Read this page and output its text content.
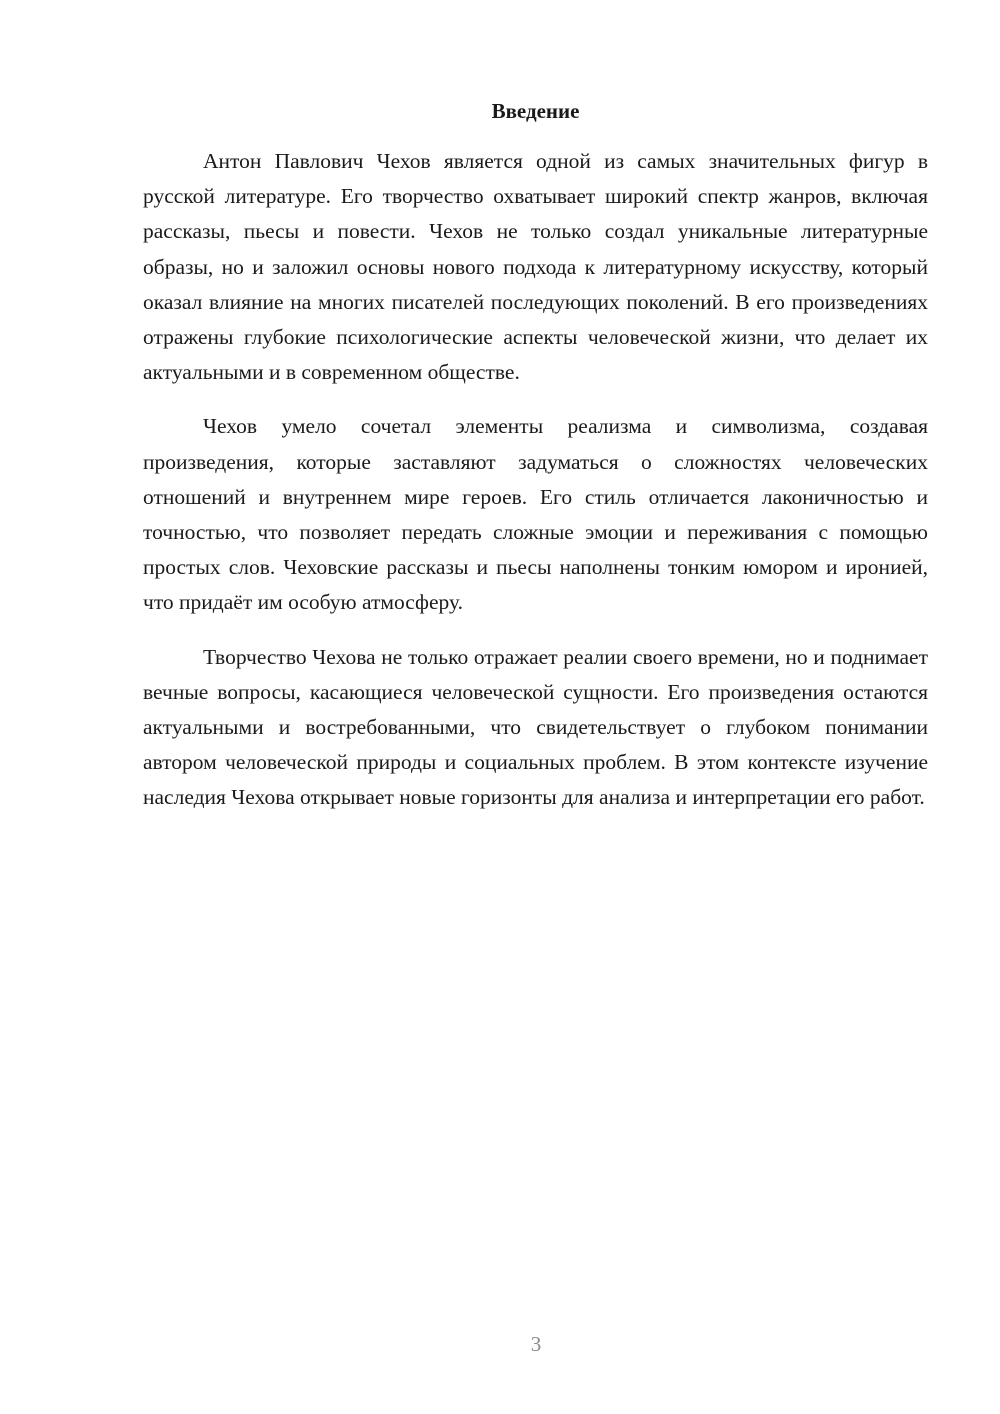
Введение

Антон Павлович Чехов является одной из самых значительных фигур в русской литературе. Его творчество охватывает широкий спектр жанров, включая рассказы, пьесы и повести. Чехов не только создал уникальные литературные образы, но и заложил основы нового подхода к литературному искусству, который оказал влияние на многих писателей последующих поколений. В его произведениях отражены глубокие психологические аспекты человеческой жизни, что делает их актуальными и в современном обществе.

Чехов умело сочетал элементы реализма и символизма, создавая произведения, которые заставляют задуматься о сложностях человеческих отношений и внутреннем мире героев. Его стиль отличается лаконичностью и точностью, что позволяет передать сложные эмоции и переживания с помощью простых слов. Чеховские рассказы и пьесы наполнены тонким юмором и иронией, что придаёт им особую атмосферу.

Творчество Чехова не только отражает реалии своего времени, но и поднимает вечные вопросы, касающиеся человеческой сущности. Его произведения остаются актуальными и востребованными, что свидетельствует о глубоком понимании автором человеческой природы и социальных проблем. В этом контексте изучение наследия Чехова открывает новые горизонты для анализа и интерпретации его работ.

3
